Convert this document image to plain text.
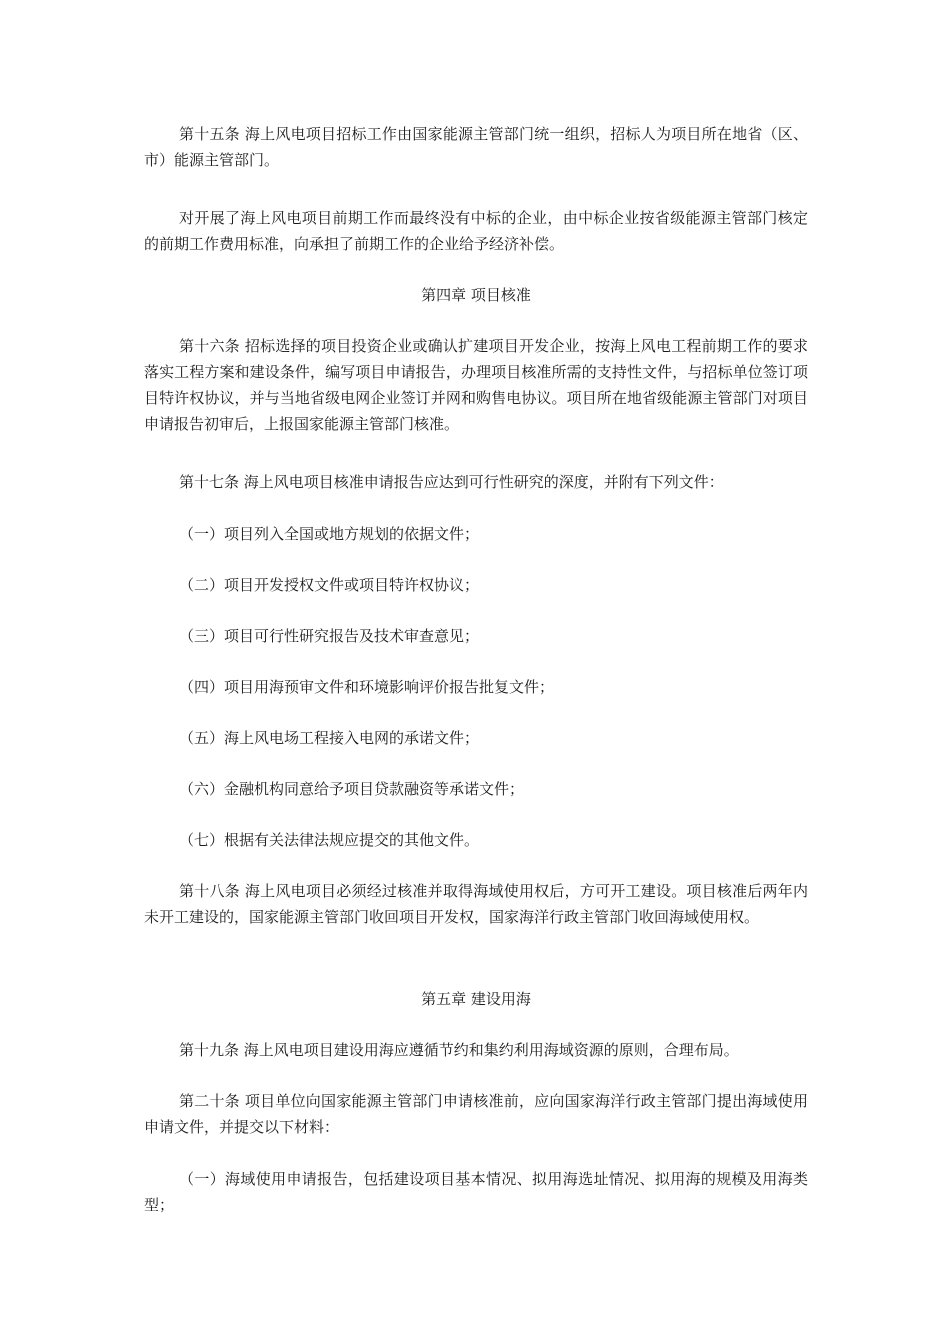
第十五条 海上风电项目招标工作由国家能源主管部门统一组织，招标人为项目所在地省（区、市）能源主管部门。

对开展了海上风电项目前期工作而最终没有中标的企业，由中标企业按省级能源主管部门核定的前期工作费用标准，向承担了前期工作的企业给予经济补偿。

第四章 项目核准

第十六条 招标选择的项目投资企业或确认扩建项目开发企业，按海上风电工程前期工作的要求落实工程方案和建设条件，编写项目申请报告，办理项目核准所需的支持性文件，与招标单位签订项目特许权协议，并与当地省级电网企业签订并网和购售电协议。项目所在地省级能源主管部门对项目申请报告初审后，上报国家能源主管部门核准。

第十七条 海上风电项目核准申请报告应达到可行性研究的深度，并附有下列文件：

（一）项目列入全国或地方规划的依据文件；

（二）项目开发授权文件或项目特许权协议；

（三）项目可行性研究报告及技术审查意见；

（四）项目用海预审文件和环境影响评价报告批复文件；

（五）海上风电场工程接入电网的承诺文件；

（六）金融机构同意给予项目贷款融资等承诺文件；

（七）根据有关法律法规应提交的其他文件。

第十八条 海上风电项目必须经过核准并取得海域使用权后，方可开工建设。项目核准后两年内未开工建设的，国家能源主管部门收回项目开发权，国家海洋行政主管部门收回海域使用权。

第五章 建设用海

第十九条 海上风电项目建设用海应遵循节约和集约利用海域资源的原则，合理布局。

第二十条 项目单位向国家能源主管部门申请核准前，应向国家海洋行政主管部门提出海域使用申请文件，并提交以下材料：

（一）海域使用申请报告，包括建设项目基本情况、拟用海选址情况、拟用海的规模及用海类型；
